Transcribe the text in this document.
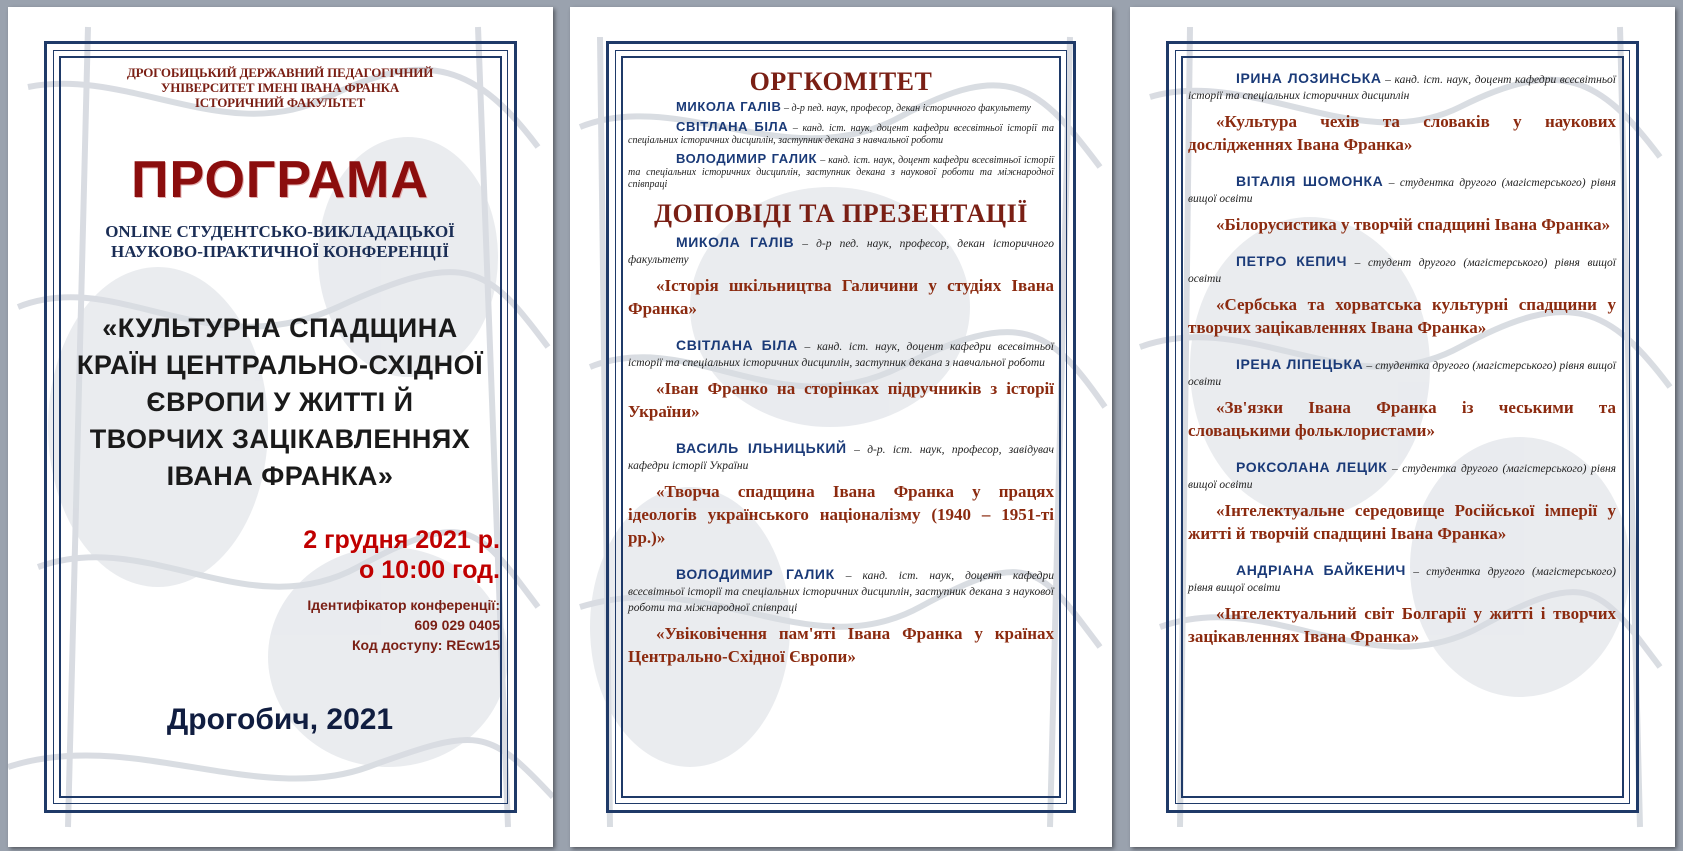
ДРОГОБИЦЬКИЙ ДЕРЖАВНИЙ ПЕДАГОГІЧНИЙ
УНІВЕРСИТЕТ ІМЕНІ ІВАНА ФРАНКА
ІСТОРИЧНИЙ ФАКУЛЬТЕТ
ПРОГРАМА
ONLINE СТУДЕНТСЬКО-ВИКЛАДАЦЬКОЇ
НАУКОВО-ПРАКТИЧНОЇ КОНФЕРЕНЦІЇ
«КУЛЬТУРНА СПАДЩИНА
КРАЇН ЦЕНТРАЛЬНО-СХІДНОЇ
ЄВРОПИ У ЖИТТІ Й
ТВОРЧИХ ЗАЦІКАВЛЕННЯХ
ІВАНА ФРАНКА»
2 грудня 2021 р.
о 10:00 год.
Ідентифікатор конференції:
609 029 0405
Код доступу: REcw15
Дрогобич, 2021
ОРГКОМІТЕТ

МИКОЛА ГАЛІВ – д-р пед. наук, професор, декан історичного факультету

СВІТЛАНА БІЛА – канд. іст. наук, доцент кафедри всесвітньої історії та спеціальних історичних дисциплін, заступник декана з навчальної роботи

ВОЛОДИМИР ГАЛИК – канд. іст. наук, доцент кафедри всесвітньої історії та спеціальних історичних дисциплін, заступник декана з наукової роботи та міжнародної співпраці

ДОПОВІДІ ТА ПРЕЗЕНТАЦІЇ

МИКОЛА ГАЛІВ – д-р пед. наук, професор, декан історичного факультету

«Історія шкільництва Галичини у студіях Івана Франка»

СВІТЛАНА БІЛА – канд. іст. наук, доцент кафедри всесвітньої історії та спеціальних історичних дисциплін, заступник декана з навчальної роботи

«Іван Франко на сторінках підручників з історії України»

ВАСИЛЬ ІЛЬНИЦЬКИЙ – д-р. іст. наук, професор, завідувач кафедри історії України

«Творча спадщина Івана Франка у працях ідеологів українського націоналізму (1940 – 1951-ті рр.)»

ВОЛОДИМИР ГАЛИК – канд. іст. наук, доцент кафедри всесвітньої історії та спеціальних історичних дисциплін, заступник декана з наукової роботи та міжнародної співпраці

«Увіковічення пам'яті Івана Франка у країнах Центрально-Східної Європи»

ІРИНА ЛОЗИНСЬКА – канд. іст. наук, доцент кафедри всесвітньої історії та спеціальних історичних дисциплін

«Культура чехів та словаків у наукових дослідженнях Івана Франка»

ВІТАЛІЯ ШОМОНКА – студентка другого (магістерського) рівня вищої освіти

«Білорусистика у творчій спадщині Івана Франка»

ПЕТРО КЕПИЧ – студент другого (магістерського) рівня вищої освіти

«Сербська та хорватська культурні спадщини у творчих зацікавленнях Івана Франка»

ІРЕНА ЛІПЕЦЬКА – студентка другого (магістерського) рівня вищої освіти

«Зв'язки Івана Франка із чеськими та словацькими фольклористами»

РОКСОЛАНА ЛЕЦИК – студентка другого (магістерського) рівня вищої освіти

«Інтелектуальне середовище Російської імперії у житті й творчій спадщині Івана Франка»

АНДРІАНА БАЙКЕНИЧ – студентка другого (магістерського) рівня вищої освіти

«Інтелектуальний світ Болгарії у житті і творчих зацікавленнях Івана Франка»
